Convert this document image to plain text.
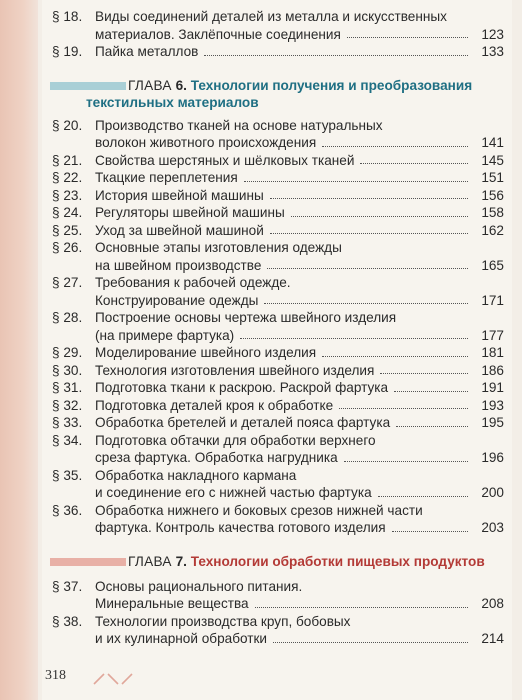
§ 18. Виды соединений деталей из металла и искусственных
материалов. Заклёпочные соединения	123
§ 19. Пайка металлов	133
ГЛАВА 6. Технологии получения и преобразования
текстильных материалов
§ 20. Производство тканей на основе натуральных
волокон животного происхождения	141
§ 21. Свойства шерстяных и шёлковых тканей	145
§ 22. Ткацкие переплетения	151
§ 23. История швейной машины	156
§ 24. Регуляторы швейной машины	158
§ 25. Уход за швейной машиной	162
§ 26. Основные этапы изготовления одежды
на швейном производстве	165
§ 27. Требования к рабочей одежде.
Конструирование одежды	171
§ 28. Построение основы чертежа швейного изделия
(на примере фартука)	177
§ 29. Моделирование швейного изделия	181
§ 30. Технология изготовления швейного изделия	186
§ 31. Подготовка ткани к раскрою. Раскрой фартука	191
§ 32. Подготовка деталей кроя к обработке	193
§ 33. Обработка бретелей и деталей пояса фартука	195
§ 34. Подготовка обтачки для обработки верхнего
среза фартука. Обработка нагрудника	196
§ 35. Обработка накладного кармана
и соединение его с нижней частью фартука	200
§ 36. Обработка нижнего и боковых срезов нижней части
фартука. Контроль качества готового изделия	203
ГЛАВА 7. Технологии обработки пищевых продуктов
§ 37. Основы рационального питания.
Минеральные вещества	208
§ 38. Технологии производства круп, бобовых
и их кулинарной обработки	214
318
